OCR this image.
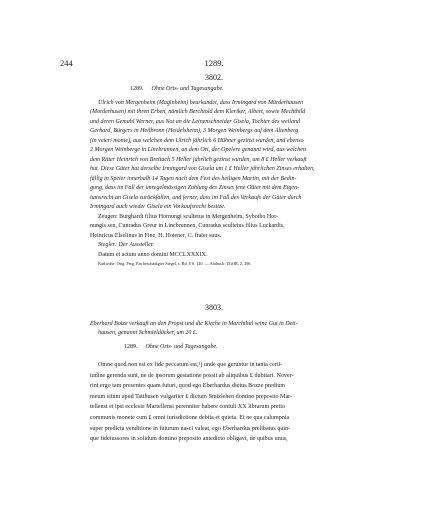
244	1289.
3802.
1289. Ohne Orts- und Tagesangabe.

Ulrich von Mergenheim (Maginheim) beurkundet, dass Irmingard von Mürderhausen

(Morderhusen) mit ihren Erben, nämlich Berchtold dem Kleriker, Albert, sowie Mechthild

und deren Gemahl Werner, aus Not an die Leinenschneider Gisela, Tochter des weiland

Gerhard, Bürgers in Heilbronn (Heidelsheim), 3 Morgen Weinbergs auf dem Altenberg

(in veteri monte), aus welchen dem Ulrich jährlich 6 Hühner gezinst wurden, und ebenso

2 Morgen Weinberge in Lincbrunnen, an dem Ort, der Opelere genannt wird, aus welchen

dem Ritter Heinrich von Brettach 5 Heller jährlich gezinst wurden, um 8 ₤ Heller verkauft

hat. Diese Güter hat derselbe Irmingard von Gisela um 1 ₤ Heller jährlichen Zinses erhalten,

fällig in Speier innerhalb 14 Tagen nach dem Fest des heiligen Martin, mit der Bedin-

gung, dass im Fall der unregelmässigen Zahlung des Zinses jene Güter mit dem Eigen-

tumsrecht an Gisela zurückfallen, und ferner, dass im Fall des Verkaufs der Güter durch

Irmingard auch wieder Gisela ein Vorkaufsrecht besitze.

Zeugen: Burghardt filius Hornungi scultetus in Mergenheim, Sybotho Hor-

nungis sen, Cunradus Greur in Lincbrunnen, Cunradus scultetus filius Luckardis,

Heinricus Elselinus in Fine, H. Hotener, C. frater suus.

Siegler: Der Aussteller.

Datum et actum anno domini MCCLXXXIX.

Karlsruhe. Orig. Perg. Ein beschädigtes Siegel, s. Bd. 8 S. 140. — Abdruck: ZGOR. 2, 290.

3803.

Eberhard Botze verkauft an den Propst und die Kirche in Marchthal seine Gut in Dett-

hausen, genannt Schmieldäcker, um 20 ₤.

1289. Ohne Orts- und Tagesangabe.

Omne quod non est ex fide peccatum est,¹) unde que geruntur in tanta certi-

tudine gerenda sunt, ne de ipsorum gestatione possit ab aliquibus ₤ dubitari. Nover-

rint ergo tam presentes quam futuri, quod ego Eberhardus dictus Bozze predium

meum situm apud Tatthusen vulgariter ₤ dictum Smizlehen domino preposito Mar-

tellensi et ipsi ecclesie Martellensi perenniter habere contuli XX librarum pretio

communis monete cum ₤ omni iurisdictione debita et quieta. Et ne qua calumpnia

super predicta venditione in futurum nasci valeat, ego Eberhardus prelibatus quin-

que fideiussores in solidum domino preposito antedicto obligavi, de quibus unus,
